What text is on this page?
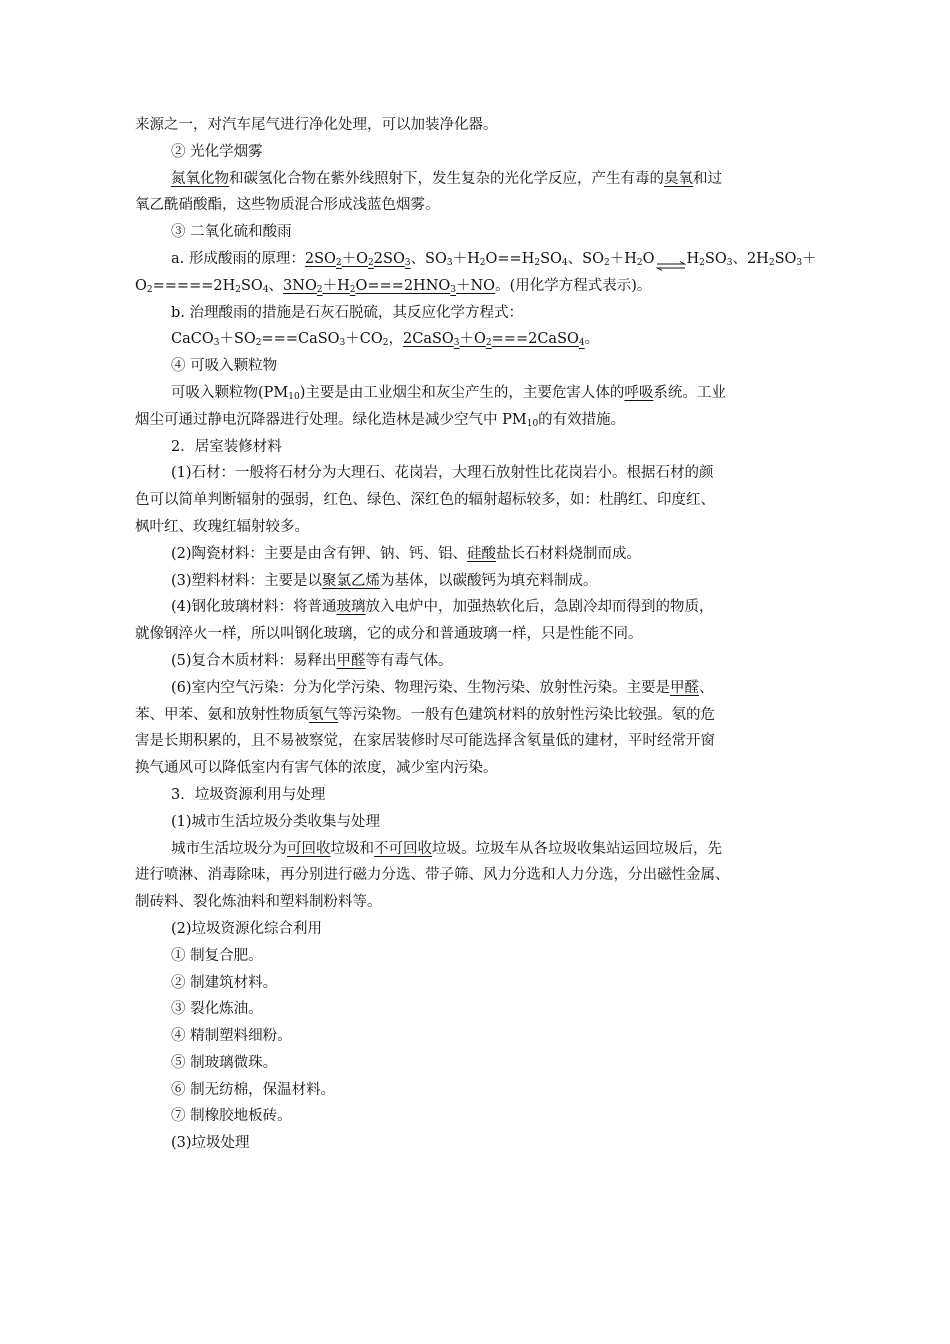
来源之一，对汽车尾气进行净化处理，可以加装净化器。
② 光化学烟雾
氮氧化物和碳氢化合物在紫外线照射下，发生复杂的光化学反应，产生有毒的臭氧和过
氧乙酰硝酸酯，这些物质混合形成浅蓝色烟雾。
③ 二氧化硫和酸雨
a. 形成酸雨的原理：$2SO_2+O_22SO_3$、$SO_3+H_2O==H_2SO_4$、$SO_2+H_2O\rightleftharpoons H_2SO_3$、$2H_2SO_3+$
$O_2=====2H_2SO_4$、$3NO_2+H_2O===2HNO_3+NO$。(用化学方程式表示)。
b. 治理酸雨的措施是石灰石脱硫，其反应化学方程式：
$CaCO_3+SO_2===CaSO_3+CO_2$，$2CaSO_3+O_2===2CaSO_4$。
④ 可吸入颗粒物
可吸入颗粒物$(PM_{10})$主要是由工业烟尘和灰尘产生的，主要危害人体的呼吸系统。工业
烟尘可通过静电沉降器进行处理。绿化造林是减少空气中 $PM_{10}$的有效措施。
2．居室装修材料
(1)石材：一般将石材分为大理石、花岗岩，大理石放射性比花岗岩小。根据石材的颜
色可以简单判断辐射的强弱，红色、绿色、深红色的辐射超标较多，如：杜鹃红、印度红、
枫叶红、玫瑰红辐射较多。
(2)陶瓷材料：主要是由含有钾、钠、钙、铝、硅酸盐长石材料烧制而成。
(3)塑料材料：主要是以聚氯乙烯为基体，以碳酸钙为填充料制成。
(4)钢化玻璃材料：将普通玻璃放入电炉中，加强热软化后，急剧冷却而得到的物质，
就像钢淬火一样，所以叫钢化玻璃，它的成分和普通玻璃一样，只是性能不同。
(5)复合木质材料：易释出甲醛等有毒气体。
(6)室内空气污染：分为化学污染、物理污染、生物污染、放射性污染。主要是甲醛、
苯、甲苯、氨和放射性物质氡气等污染物。一般有色建筑材料的放射性污染比较强。氡的危
害是长期积累的，且不易被察觉，在家居装修时尽可能选择含氡量低的建材，平时经常开窗
换气通风可以降低室内有害气体的浓度，减少室内污染。
3．垃圾资源利用与处理
(1)城市生活垃圾分类收集与处理
城市生活垃圾分为可回收垃圾和不可回收垃圾。垃圾车从各垃圾收集站运回垃圾后，先
进行喷淋、消毒除味，再分别进行磁力分选、带子筛、风力分选和人力分选，分出磁性金属、
制砖料、裂化炼油料和塑料制粉料等。
(2)垃圾资源化综合利用
① 制复合肥。
② 制建筑材料。
③ 裂化炼油。
④ 精制塑料细粉。
⑤ 制玻璃微珠。
⑥ 制无纺棉，保温材料。
⑦ 制橡胶地板砖。
(3)垃圾处理
